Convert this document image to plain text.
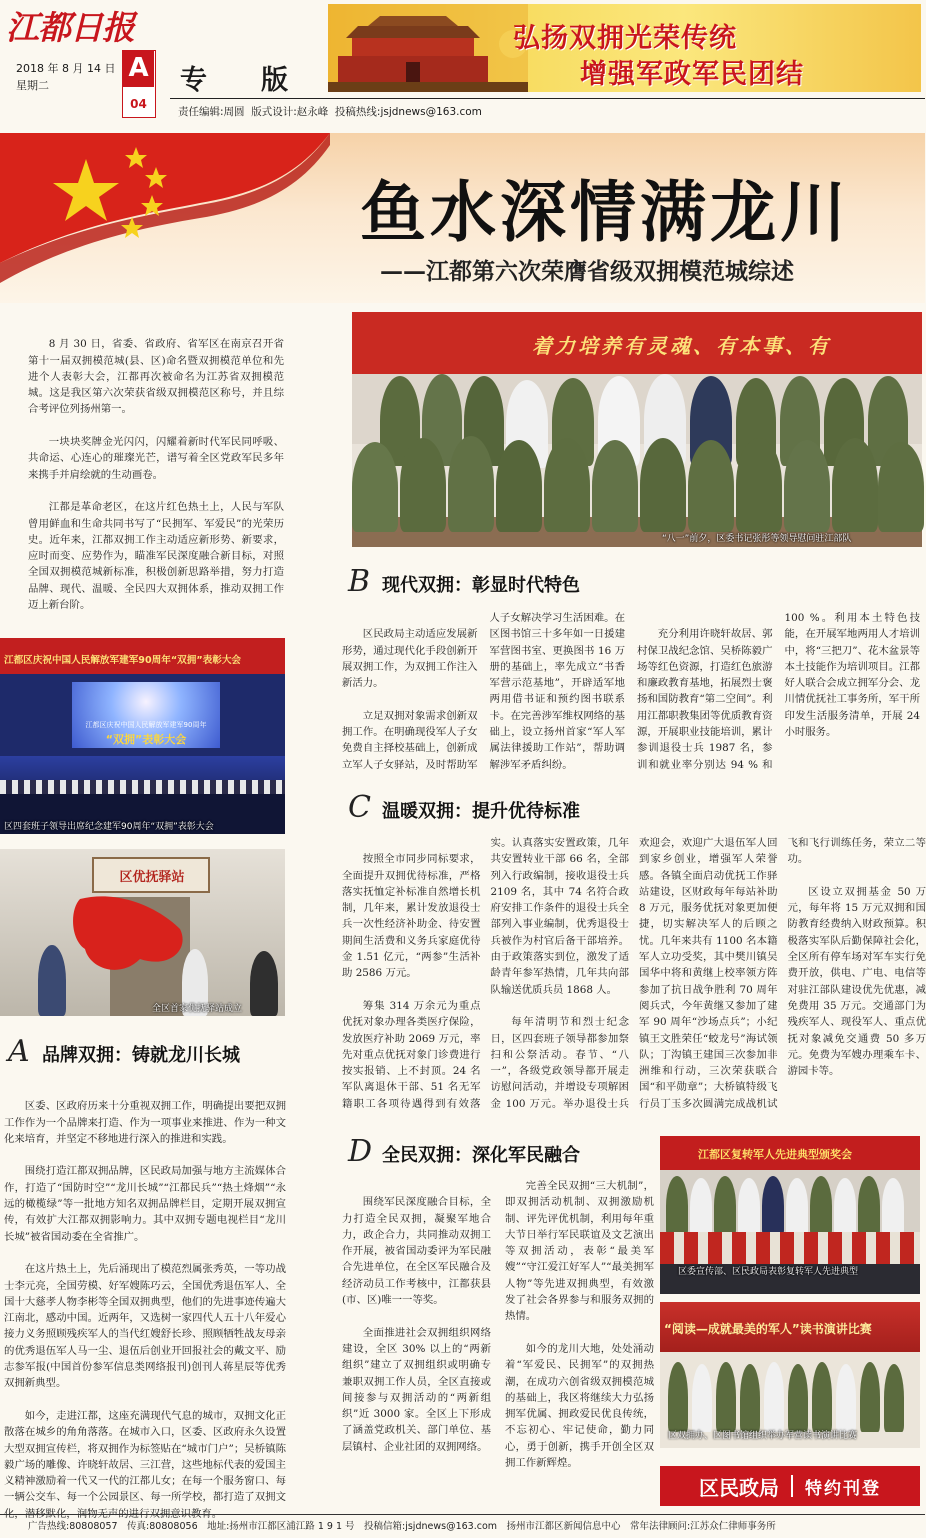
江都日报
2018 年 8 月 14 日
星期二
A
04
专　　版
责任编辑:周圆  版式设计:赵永峰  投稿热线:jsjdnews@163.com
弘扬双拥光荣传统
增强军政军民团结
鱼水深情满龙川
——江都第六次荣膺省级双拥模范城综述

8 月 30 日，省委、省政府、省军区在南京召开省第十一届双拥模范城(县、区)命名暨双拥模范单位和先进个人表彰大会，江都再次被命名为江苏省双拥模范城。这是我区第六次荣获省级双拥模范区称号，并且综合考评位列扬州第一。

一块块奖牌金光闪闪，闪耀着新时代军民同呼吸、共命运、心连心的璀璨光芒，谱写着全区党政军民多年来携手并肩绘就的生动画卷。

江都是革命老区，在这片红色热土上，人民与军队曾用鲜血和生命共同书写了“民拥军、军爱民”的光荣历史。近年来，江都双拥工作主动适应新形势、新要求，应时而变、应势作为，瞄准军民深度融合新目标，对照全国双拥模范城新标准，积极创新思路举措，努力打造品牌、现代、温暖、全民四大双拥体系，推动双拥工作迈上新台阶。

着力培养有灵魂、有本事、有
“八一”前夕，区委书记张彤等领导慰问驻江部队
江都区庆祝中国人民解放军建军90周年“双拥”表彰大会
江都区庆祝中国人民解放军建军90周年
“双拥”表彰大会
区四套班子领导出席纪念建军90周年“双拥”表彰大会
区优抚驿站
全区首家优抚驿站成立
A 品牌双拥：铸就龙川长城

区委、区政府历来十分重视双拥工作，明确提出要把双拥工作作为一个品牌来打造、作为一项事业来推进、作为一种文化来培育，并坚定不移地进行深入的推进和实践。

围绕打造江都双拥品牌，区民政局加强与地方主流媒体合作，打造了“国防时空”“龙川长城”“江都民兵”“热土烽烟”“永远的橄榄绿”等一批地方知名双拥品牌栏目，定期开展双拥宣传，有效扩大江都双拥影响力。其中双拥专题电视栏目“龙川长城”被省国动委在全省推广。

在这片热土上，先后涌现出了模范烈属张秀英，一等功战士李元亮，全国劳模、好军嫂陈巧云，全国优秀退伍军人、全国十大慈孝人物李彬等全国双拥典型，他们的先进事迹传遍大江南北，感动中国。近两年，又选树一家四代人五十八年爱心接力义务照顾残疾军人的当代红嫂舒长珍、照顾牺牲战友母亲的优秀退伍军人马一尘、退伍后创业开回报社会的戴文平、励志参军报(中国首份参军信息类网络报刊)创刊人蒋星辰等优秀双拥新典型。

如今，走进江都，这座充满现代气息的城市，双拥文化正散落在城乡的角角落落。在城市入口，区委、区政府永久设置大型双拥宣传栏，将双拥作为标签贴在“城市门户”；吴桥镇陈毅广场的雕像、许晓轩故居、三江营，这些地标代表的爱国主义精神激励着一代又一代的江都儿女；在每一个服务窗口、每一辆公交车、每一个公园景区、每一所学校，都打造了双拥文化，潜移默化，润物无声的进行双拥意识教育。

B 现代双拥：彰显时代特色

区民政局主动适应发展新形势，通过现代化手段创新开展双拥工作，为双拥工作注入新活力。

立足双拥对象需求创新双拥工作。在明确现役军人子女免费自主择校基础上，创新成立军人子女驿站，及时帮助军人子女解决学习生活困难。在区图书馆三十多年如一日援建军营图书室、更换图书 16 万册的基础上，率先成立“书香军营示范基地”，开辟适军地两用借书证和预约图书联系卡。在完善涉军维权网络的基础上，设立扬州首家“军人军属法律援助工作站”，帮助调解涉军矛盾纠纷。

充分利用许晓轩故居、郭村保卫战纪念馆、吴桥陈毅广场等红色资源，打造红色旅游和廉政教育基地，拓展烈士褒扬和国防教育“第二空间”。利用江都职教集团等优质教育资源，开展职业技能培训，累计参训退役士兵 1987 名，参训和就业率分别达 94 % 和 100 %。利用本土特色技能，在开展军地两用人才培训中，将“三把刀”、花木盆景等本土技能作为培训项目。江都好人联合会成立拥军分会、龙川情优抚社工事务所，军干所印发生活服务清单，开展 24 小时服务。

C 温暖双拥：提升优待标准

按照全市同步同标要求，全面提升双拥优待标准，严格落实抚恤定补标准自然增长机制，几年来，累计发放退役士兵一次性经济补助金、待安置期间生活费和义务兵家庭优待金 1.51 亿元，“两参”生活补助 2586 万元。

筹集 314 万余元为重点优抚对象办理各类医疗保险，发放医疗补助 2069 万元，率先对重点优抚对象门诊费进行按实报销、上不封顶。24 名军队离退休干部、51 名无军籍职工各项待遇得到有效落实。认真落实安置政策，几年共安置转业干部 66 名，全部列入行政编制，接收退役士兵 2109 名，其中 74 名符合政府安排工作条件的退役士兵全部列入事业编制，优秀退役士兵被作为村官后备干部培养。由于政策落实到位，激发了适龄青年参军热情，几年共向部队输送优质兵员 1868 人。

每年清明节和烈士纪念日，区四套班子领导都参加祭扫和公祭活动。春节、“八一”，各级党政领导都开展走访慰问活动，并增设专项解困金 100 万元。举办退役士兵欢迎会，欢迎广大退伍军人回到家乡创业，增强军人荣誉感。各镇全面启动优抚工作驿站建设，区财政每年每站补助 8 万元，服务优抚对象更加便捷，切实解决军人的后顾之忧。几年来共有 1100 名本籍军人立功受奖，其中樊川镇吴国华中将和黄继上校率领方阵参加了抗日战争胜利 70 周年阅兵式，今年黄继又参加了建军 90 周年“沙场点兵”；小纪镇王文胜荣任“蛟龙号”海试领队；丁沟镇王建国三次参加非洲维和行动，三次荣获联合国“和平勋章”；大桥镇特级飞行员丁玉多次圆满完成战机试飞和飞行训练任务，荣立二等功。

区设立双拥基金 50 万元，每年将 15 万元双拥和国防教育经费纳入财政预算。积极落实军队后勤保障社会化，全区所有停车场对军车实行免费开放，供电、广电、电信等对驻江部队建设优先优惠，减免费用 35 万元。交通部门为残疾军人、现役军人、重点优抚对象减免交通费 50 多万元。免费为军嫂办理乘车卡、游园卡等。

D 全民双拥：深化军民融合

围绕军民深度融合目标，全力打造全民双拥，凝聚军地合力，政企合力，共同推动双拥工作开展，被省国动委评为军民融合先进单位，在全区军民融合及经济动员工作考核中，江都获县(市、区)唯一一等奖。

全面推进社会双拥组织网络建设，全区 30% 以上的“两新组织”建立了双拥组织或明确专兼职双拥工作人员，全区直接或间接参与双拥活动的“两新组织”近 3000 家。全区上下形成了涵盖党政机关、部门单位、基层镇村、企业社团的双拥网络。

完善全民双拥“三大机制”，即双拥活动机制、双拥激励机制、评先评优机制，利用每年重大节日举行军民联谊及文艺演出等双拥活动，表彰“最美军嫂”“守江爱江好军人”“最美拥军人物”等先进双拥典型，有效激发了社会各界参与和服务双拥的热情。

如今的龙川大地，处处涌动着“军爱民、民拥军”的双拥热潮，在成功六创省级双拥模范城的基础上，我区将继续大力弘扬拥军优属、拥政爱民优良传统，不忘初心、牢记使命，勤力同心，勇于创新，携手开创全区双拥工作新辉煌。

江都区复转军人先进典型颁奖会
区委宣传部、区民政局表彰复转军人先进典型
“阅读—成就最美的军人”读书演讲比赛
区双拥办、区图书馆组织举办军营读书演讲比赛
区民政局 特约刊登
广告热线:80808057　传真:80808056　地址:扬州市江都区浦江路 1 9 1 号　投稿信箱:jsjdnews@163.com　扬州市江都区新闻信息中心　常年法律顾问:江苏众仁律师事务所
